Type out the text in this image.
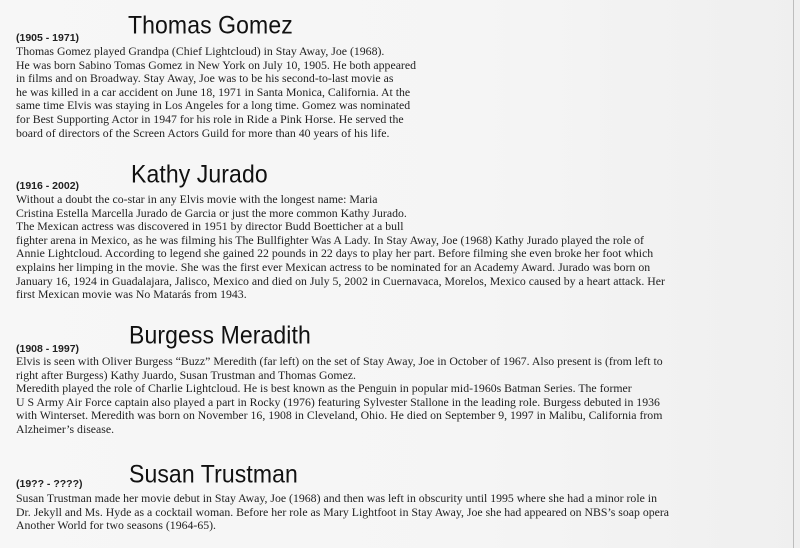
(1905 - 1971) Thomas Gomez
Thomas Gomez played Grandpa (Chief Lightcloud) in Stay Away, Joe (1968).
He was born Sabino Tomas Gomez in New York on July 10, 1905. He both appeared
in films and on Broadway. Stay Away, Joe was to be his second-to-last movie as
he was killed in a car accident on June 18, 1971 in Santa Monica, California. At the
same time Elvis was staying in Los Angeles for a long time. Gomez was nominated
for Best Supporting Actor in 1947 for his role in Ride a Pink Horse. He served the
board of directors of the Screen Actors Guild for more than 40 years of his life.
(1916 - 2002) Kathy Jurado
Without a doubt the co-star in any Elvis movie with the longest name: Maria
Cristina Estella Marcella Jurado de Garcia or just the more common Kathy Jurado.
The Mexican actress was discovered in 1951 by director Budd Boetticher at a bull
fighter arena in Mexico, as he was filming his The Bullfighter Was A Lady. In Stay Away, Joe (1968) Kathy Jurado played the role of
Annie Lightcloud. According to legend she gained 22 pounds in 22 days to play her part. Before filming she even broke her foot which
explains her limping in the movie. She was the first ever Mexican actress to be nominated for an Academy Award. Jurado was born on
January 16, 1924 in Guadalajara, Jalisco, Mexico and died on July 5, 2002 in Cuernavaca, Morelos, Mexico caused by a heart attack. Her
first Mexican movie was No Matarás from 1943.
(1908 - 1997) Burgess Meradith
Elvis is seen with Oliver Burgess “Buzz” Meredith (far left) on the set of Stay Away, Joe in October of 1967. Also present is (from left to
right after Burgess) Kathy Juardo, Susan Trustman and Thomas Gomez.
Meredith played the role of Charlie Lightcloud. He is best known as the Penguin in popular mid-1960s Batman Series. The former
U S Army Air Force captain also played a part in Rocky (1976) featuring Sylvester Stallone in the leading role. Burgess debuted in 1936
with Winterset. Meredith was born on November 16, 1908 in Cleveland, Ohio. He died on September 9, 1997 in Malibu, California from
Alzheimer’s disease.
(19?? - ????) Susan Trustman
Susan Trustman made her movie debut in Stay Away, Joe (1968) and then was left in obscurity until 1995 where she had a minor role in
Dr. Jekyll and Ms. Hyde as a cocktail woman. Before her role as Mary Lightfoot in Stay Away, Joe she had appeared on NBS’s soap opera
Another World for two seasons (1964-65).
